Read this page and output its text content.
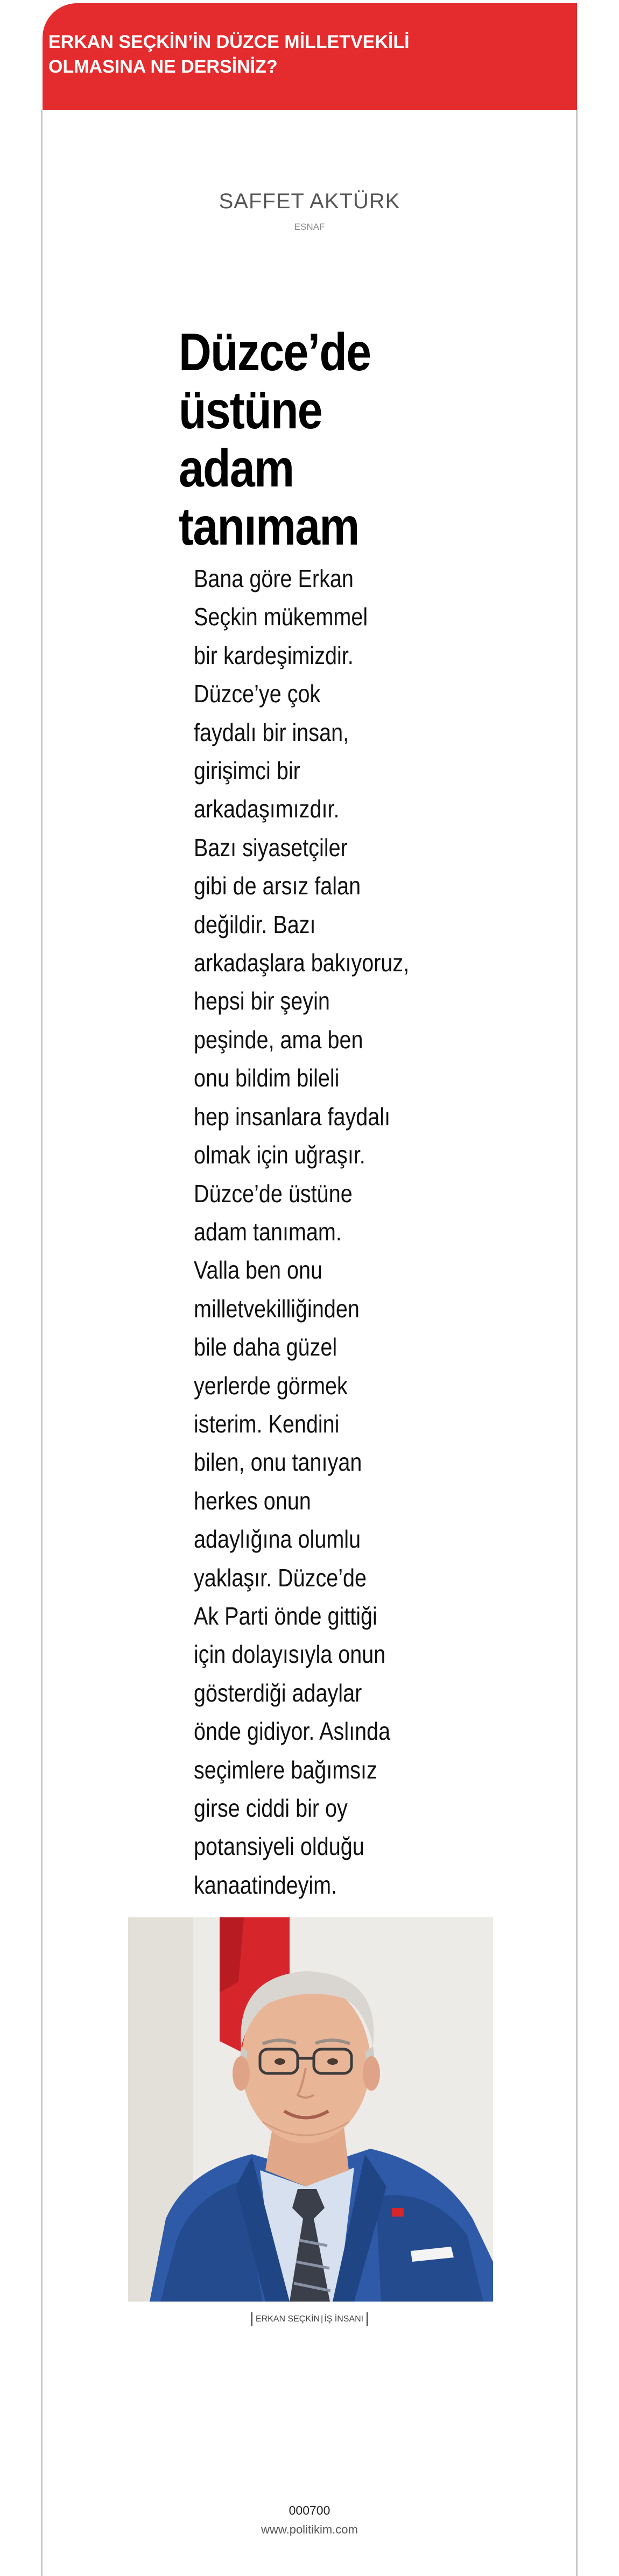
ERKAN SEÇKİN’İN DÜZCE MİLLETVEKİLİ OLMASINA NE DERSİNİZ?

SAFFET AKTÜRK

ESNAF

Düzce’de
üstüne
adam
tanımam

Bana göre Erkan
Seçkin mükemmel
bir kardeşimizdir.
Düzce’ye çok
faydalı bir insan,
girişimci bir
arkadaşımızdır.
Bazı siyasetçiler
gibi de arsız falan
değildir. Bazı
arkadaşlara bakıyoruz,
hepsi bir şeyin
peşinde, ama ben
onu bildim bileli
hep insanlara faydalı
olmak için uğraşır.
Düzce’de üstüne
adam tanımam.
Valla ben onu
milletvekilliğinden
bile daha güzel
yerlerde görmek
isterim. Kendini
bilen, onu tanıyan
herkes onun
adaylığına olumlu
yaklaşır. Düzce’de
Ak Parti önde gittiği
için dolayısıyla onun
gösterdiği adaylar
önde gidiyor. Aslında
seçimlere bağımsız
girse ciddi bir oy
potansiyeli olduğu
kanaatindeyim.

ERKAN SEÇKİN | İŞ İNSANI

000700

www.politikim.com
